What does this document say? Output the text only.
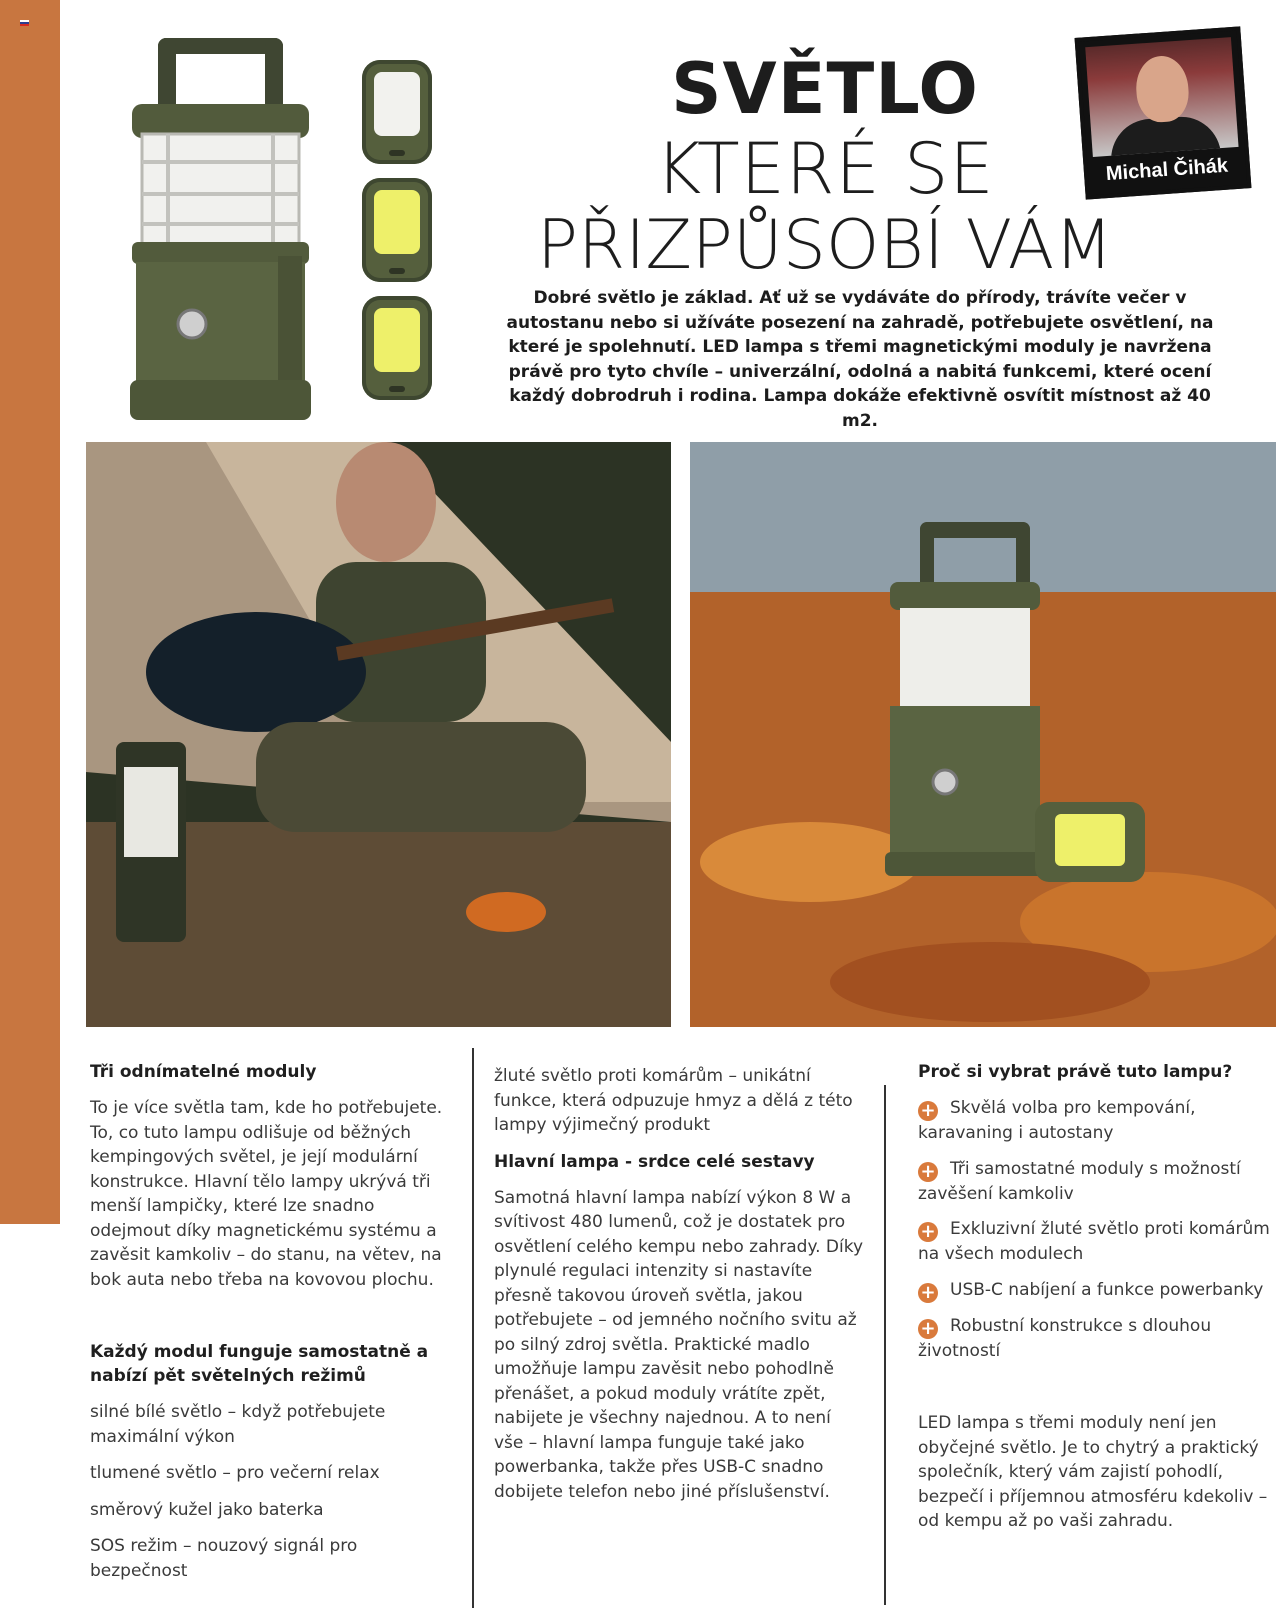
SVĚTLO
KTERÉ SE
PŘIZPŮSOBÍ VÁM
Michal Čihák
Dobré světlo je základ. Ať už se vydáváte do přírody, trávíte večer v autostanu nebo si užíváte posezení na zahradě, potřebujete osvětlení, na které je spolehnutí. LED lampa s třemi magnetickými moduly je navržena právě pro tyto chvíle – univerzální, odolná a nabitá funkcemi, které ocení každý dobrodruh i rodina. Lampa dokáže efektivně osvítit místnost až 40 m2.
Tři odnímatelné moduly

To je více světla tam, kde ho potřebujete. To, co tuto lampu odlišuje od běžných kempingových světel, je její modulární konstrukce. Hlavní tělo lampy ukrývá tři menší lampičky, které lze snadno odejmout díky magnetickému systému a zavěsit kamkoliv – do stanu, na větev, na bok auta nebo třeba na kovovou plochu.

Každý modul funguje samostatně a nabízí pět světelných režimů

silné bílé světlo – když potřebujete maximální výkon

tlumené světlo – pro večerní relax

směrový kužel jako baterka

SOS režim – nouzový signál pro bezpečnost

žluté světlo proti komárům – unikátní funkce, která odpuzuje hmyz a dělá z této lampy výjimečný produkt

Hlavní lampa - srdce celé sestavy

Samotná hlavní lampa nabízí výkon 8 W a svítivost 480 lumenů, což je dostatek pro osvětlení celého kempu nebo zahrady. Díky plynulé regulaci intenzity si nastavíte přesně takovou úroveň světla, jakou potřebujete – od jemného nočního svitu až po silný zdroj světla. Praktické madlo umožňuje lampu zavěsit nebo pohodlně přenášet, a pokud moduly vrátíte zpět, nabijete je všechny najednou. A to není vše – hlavní lampa funguje také jako powerbanka, takže přes USB-C snadno dobijete telefon nebo jiné příslušenství.

Proč si vybrat právě tuto lampu?
+ Skvělá volba pro kempování, karavaning i autostany
+ Tři samostatné moduly s možností zavěšení kamkoliv
+ Exkluzivní žluté světlo proti komárům na všech modulech
+ USB-C nabíjení a funkce powerbanky
+ Robustní konstrukce s dlouhou životností

LED lampa s třemi moduly není jen obyčejné světlo. Je to chytrý a praktický společník, který vám zajistí pohodlí, bezpečí i příjemnou atmosféru kdekoliv – od kempu až po vaši zahradu.
